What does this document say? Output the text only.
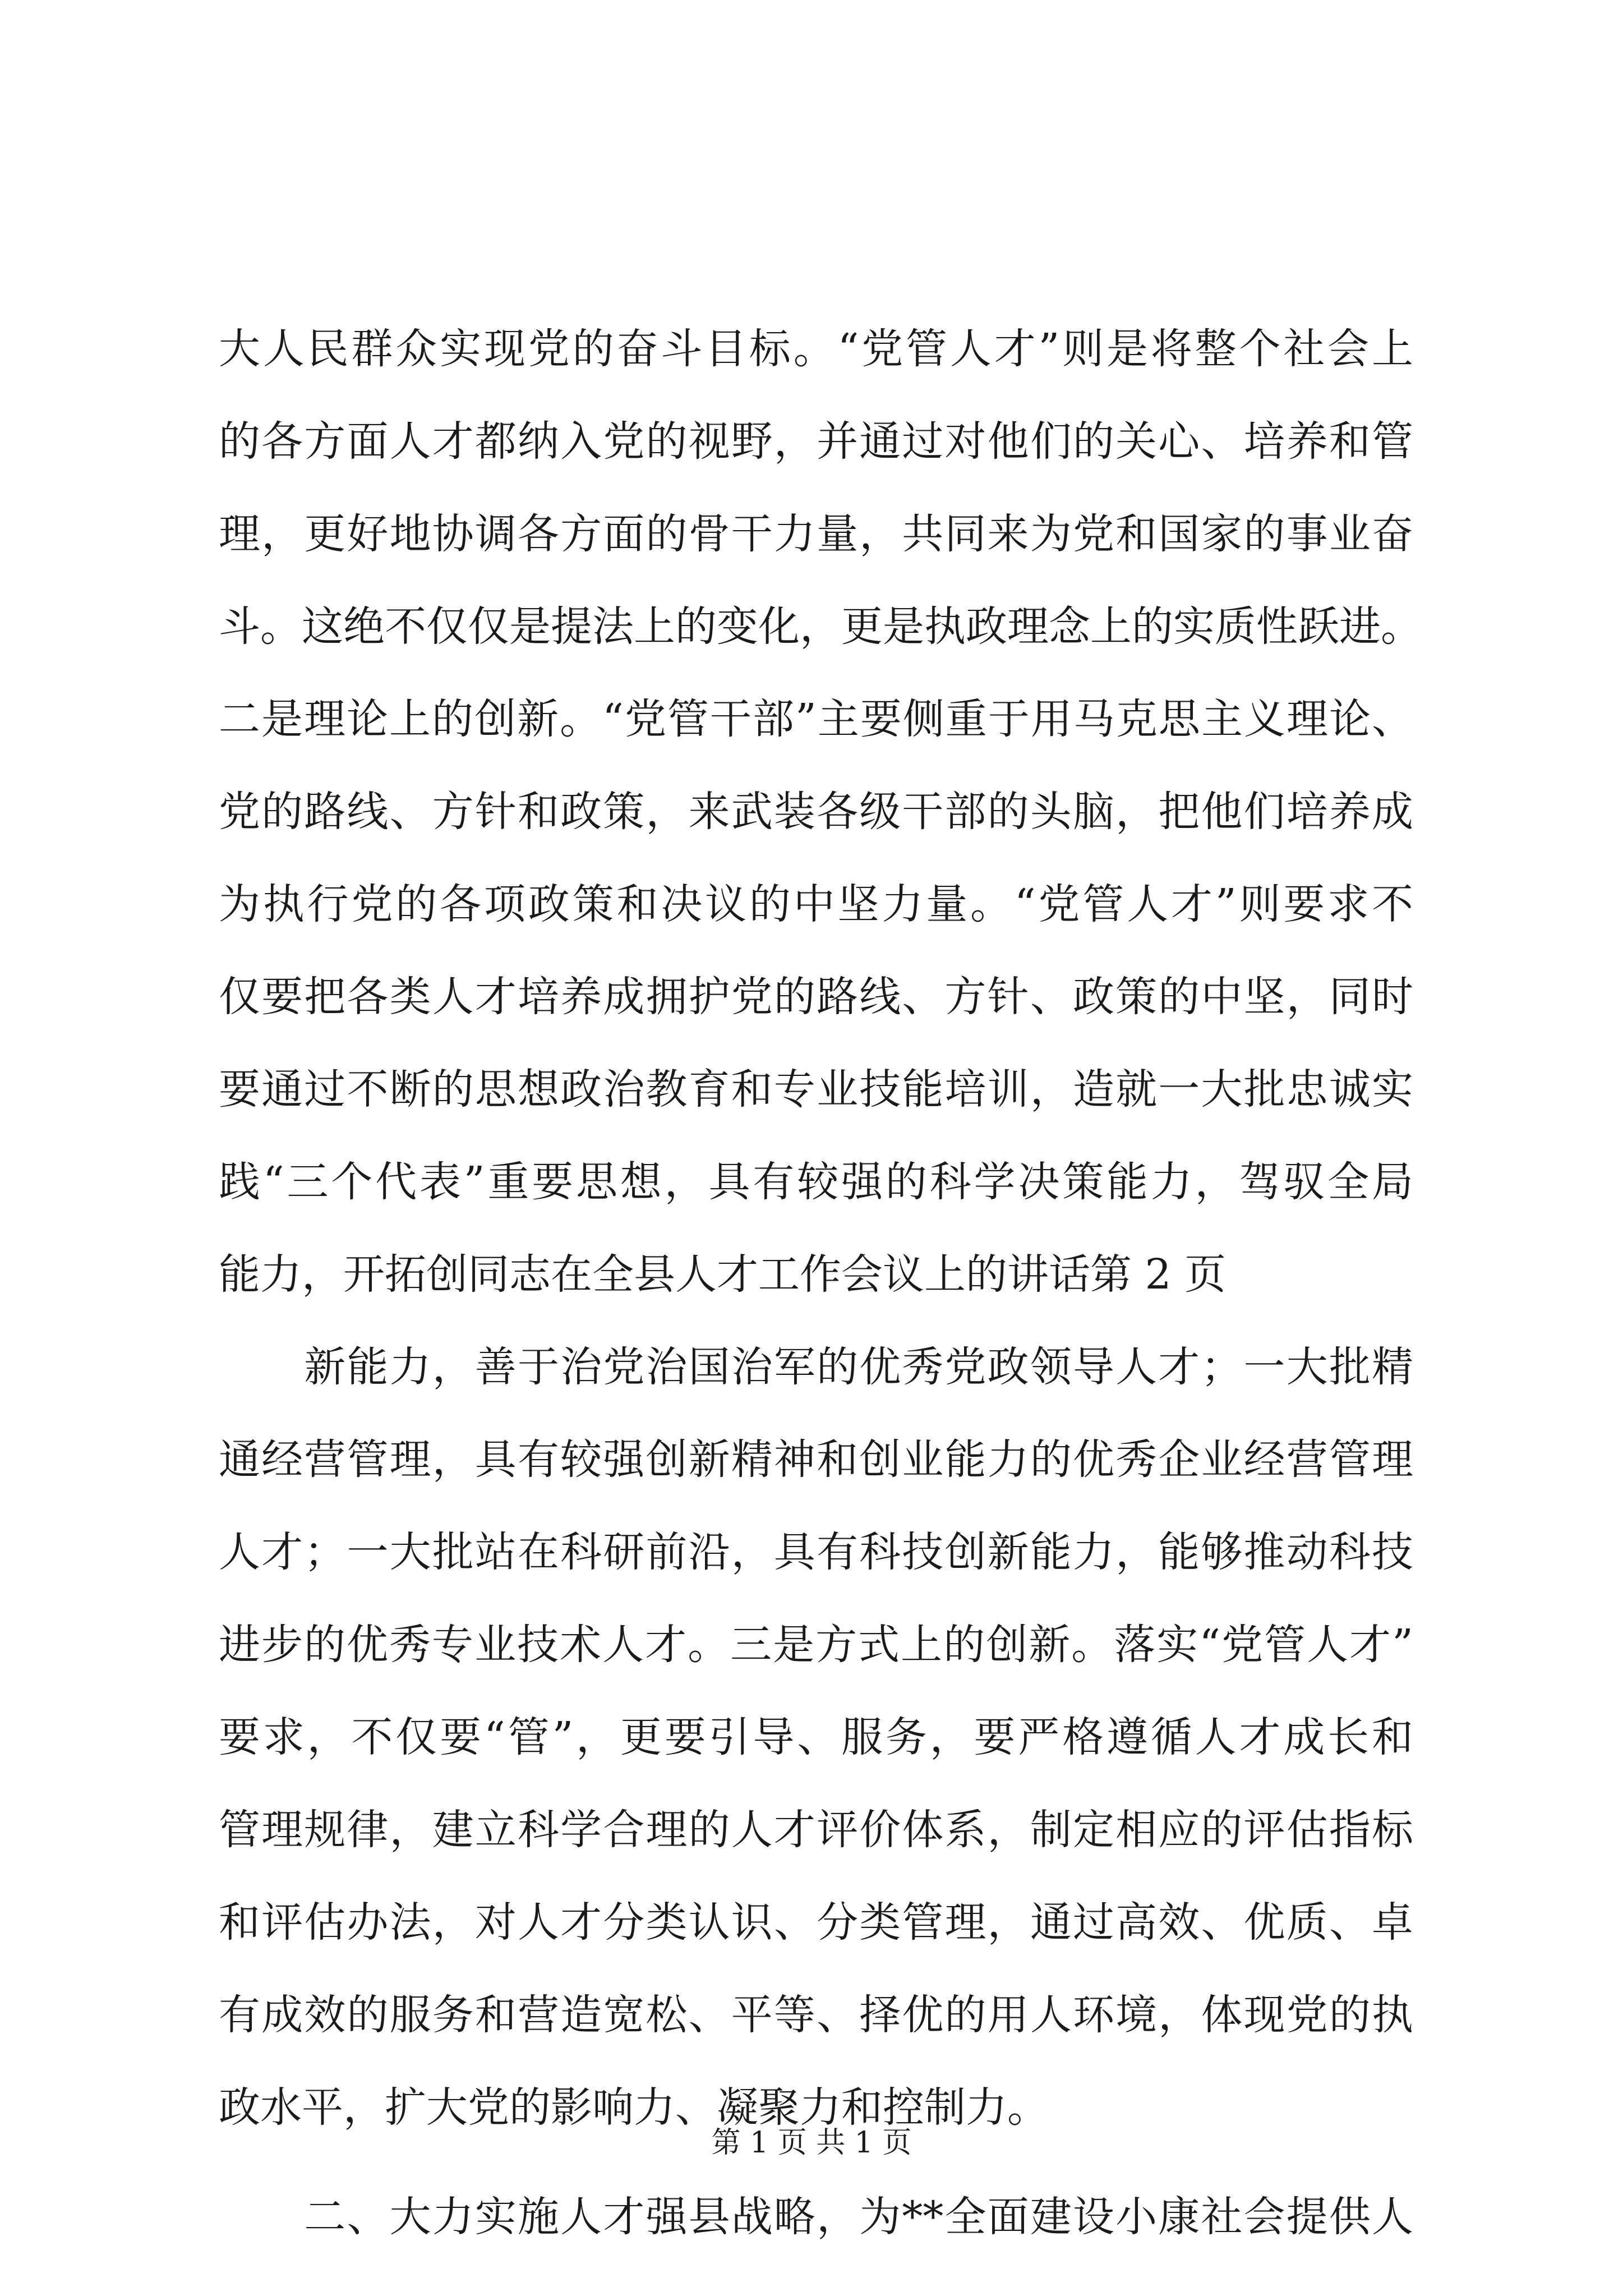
大人民群众实现党的奋斗目标。“党管人才”则是将整个社会上
的各方面人才都纳入党的视野，并通过对他们的关心、培养和管
理，更好地协调各方面的骨干力量，共同来为党和国家的事业奋
斗。这绝不仅仅是提法上的变化，更是执政理念上的实质性跃进。
二是理论上的创新。“党管干部”主要侧重于用马克思主义理论、
党的路线、方针和政策，来武装各级干部的头脑，把他们培养成
为执行党的各项政策和决议的中坚力量。“党管人才”则要求不
仅要把各类人才培养成拥护党的路线、方针、政策的中坚，同时
要通过不断的思想政治教育和专业技能培训，造就一大批忠诚实
践“三个代表”重要思想，具有较强的科学决策能力，驾驭全局
能力，开拓创同志在全县人才工作会议上的讲话第 2 页
　　新能力，善于治党治国治军的优秀党政领导人才；一大批精
通经营管理，具有较强创新精神和创业能力的优秀企业经营管理
人才；一大批站在科研前沿，具有科技创新能力，能够推动科技
进步的优秀专业技术人才。三是方式上的创新。落实“党管人才”
要求，不仅要“管”，更要引导、服务，要严格遵循人才成长和
管理规律，建立科学合理的人才评价体系，制定相应的评估指标
和评估办法，对人才分类认识、分类管理，通过高效、优质、卓
有成效的服务和营造宽松、平等、择优的用人环境，体现党的执
政水平，扩大党的影响力、凝聚力和控制力。
　　二、大力实施人才强县战略，为**全面建设小康社会提供人
第 1 页 共 1 页
